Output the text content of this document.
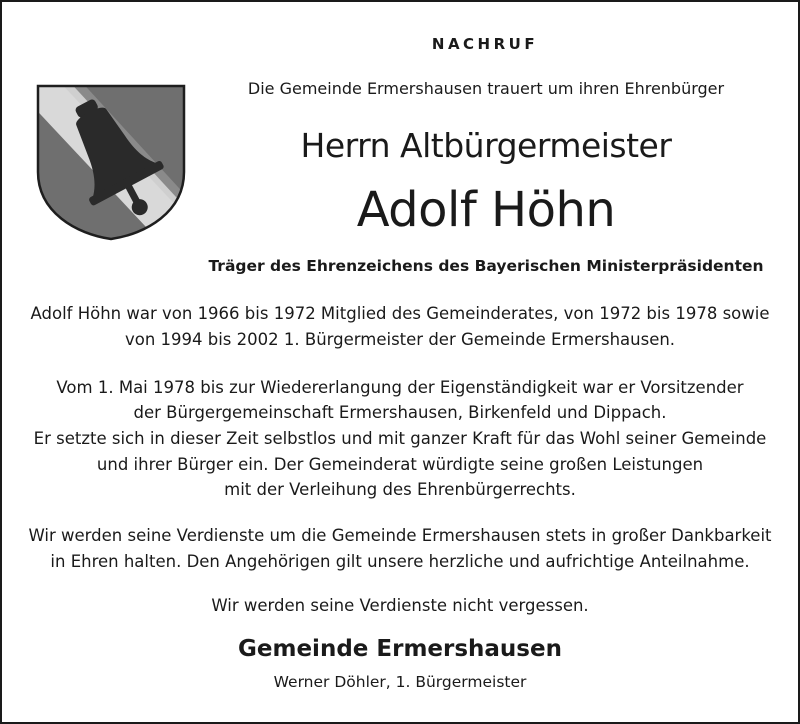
NACHRUF
Die Gemeinde Ermershausen trauert um ihren Ehrenbürger
Herrn Altbürgermeister
Adolf Höhn
Träger des Ehrenzeichens des Bayerischen Ministerpräsidenten
Adolf Höhn war von 1966 bis 1972 Mitglied des Gemeinderates, von 1972 bis 1978 sowie
von 1994 bis 2002 1. Bürgermeister der Gemeinde Ermershausen.
Vom 1. Mai 1978 bis zur Wiedererlangung der Eigenständigkeit war er Vorsitzender
der Bürgergemeinschaft Ermershausen, Birkenfeld und Dippach.
Er setzte sich in dieser Zeit selbstlos und mit ganzer Kraft für das Wohl seiner Gemeinde
und ihrer Bürger ein. Der Gemeinderat würdigte seine großen Leistungen
mit der Verleihung des Ehrenbürgerrechts.
Wir werden seine Verdienste um die Gemeinde Ermershausen stets in großer Dankbarkeit
in Ehren halten. Den Angehörigen gilt unsere herzliche und aufrichtige Anteilnahme.
Wir werden seine Verdienste nicht vergessen.
Gemeinde Ermershausen
Werner Döhler, 1. Bürgermeister
